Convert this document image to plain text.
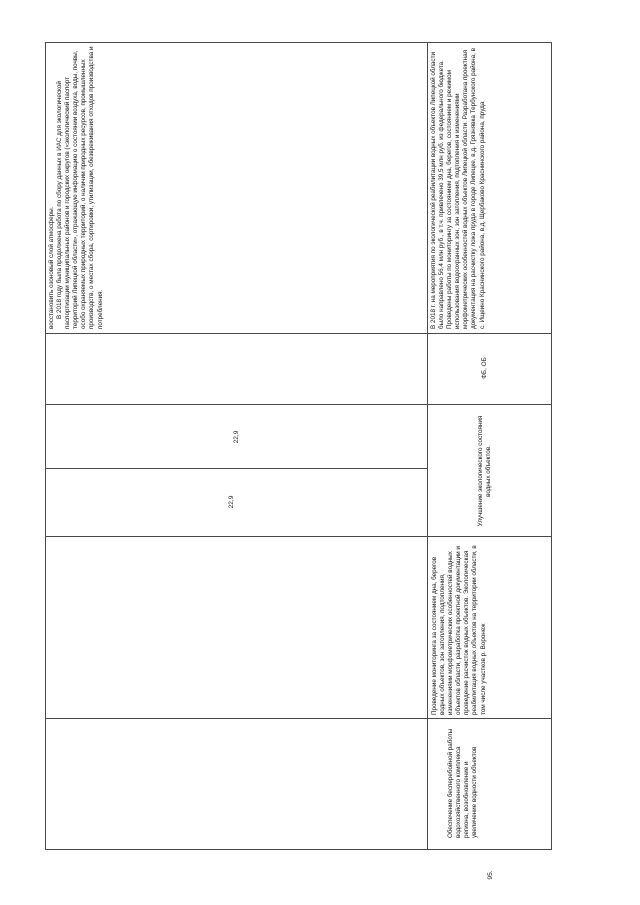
восстановить озоновый слой атмосферы. В 2018 году была продолжена работа по сбору данных в ИАС для экологической паспортизации муниципальных районов и городских округов («экологический паспорт территорий Липецкой области», отражающую информацию о состоянии воздуха, воды, почвы, особо охраняемых природных территорий, о наличии природных ресурсов, промышленных производств, о местах сбора, сортировки, утилизации, обезвреживания отходов производства и потребления.

22,9
22,9
95.
Обеспечение бесперебойной работы водохозяйственного комплекса региона, возобновление и увеличение водности объектов
Проведение мониторинга за состоянием дна, берегов водных объектов, зон затопления, подтопления, изменениями морфометрических особенностей водных объектов области, разработка проектной документации и проведение расчисток водных объектов. Экологическая реабилитация водных объектов на территории области, в том числе участков р. Воронеж
Улучшение экологического состояния водных объектов.
ФБ, ОБ
В 2018 г. на мероприятия по экологической реабилитации водных объектов Липецкой области было направлено 56,4 млн руб., в т.ч. привлечено 39,5 млн руб. из федерального бюджета. Проведены работы по мониторингу за состоянием дна, берегов, состоянием и режимом использования водоохранных зон, зон затопления, подтопления и изменениями морфометрических особенностей водных объектов Липецкой области. Разработана проектная документация на расчистку ложа пруда в городе Липецке, в.д. Грязнявка Тербунского района, в с. Ищеино Краснинского района, в.д. Щербаково Краснинского района, пруда
